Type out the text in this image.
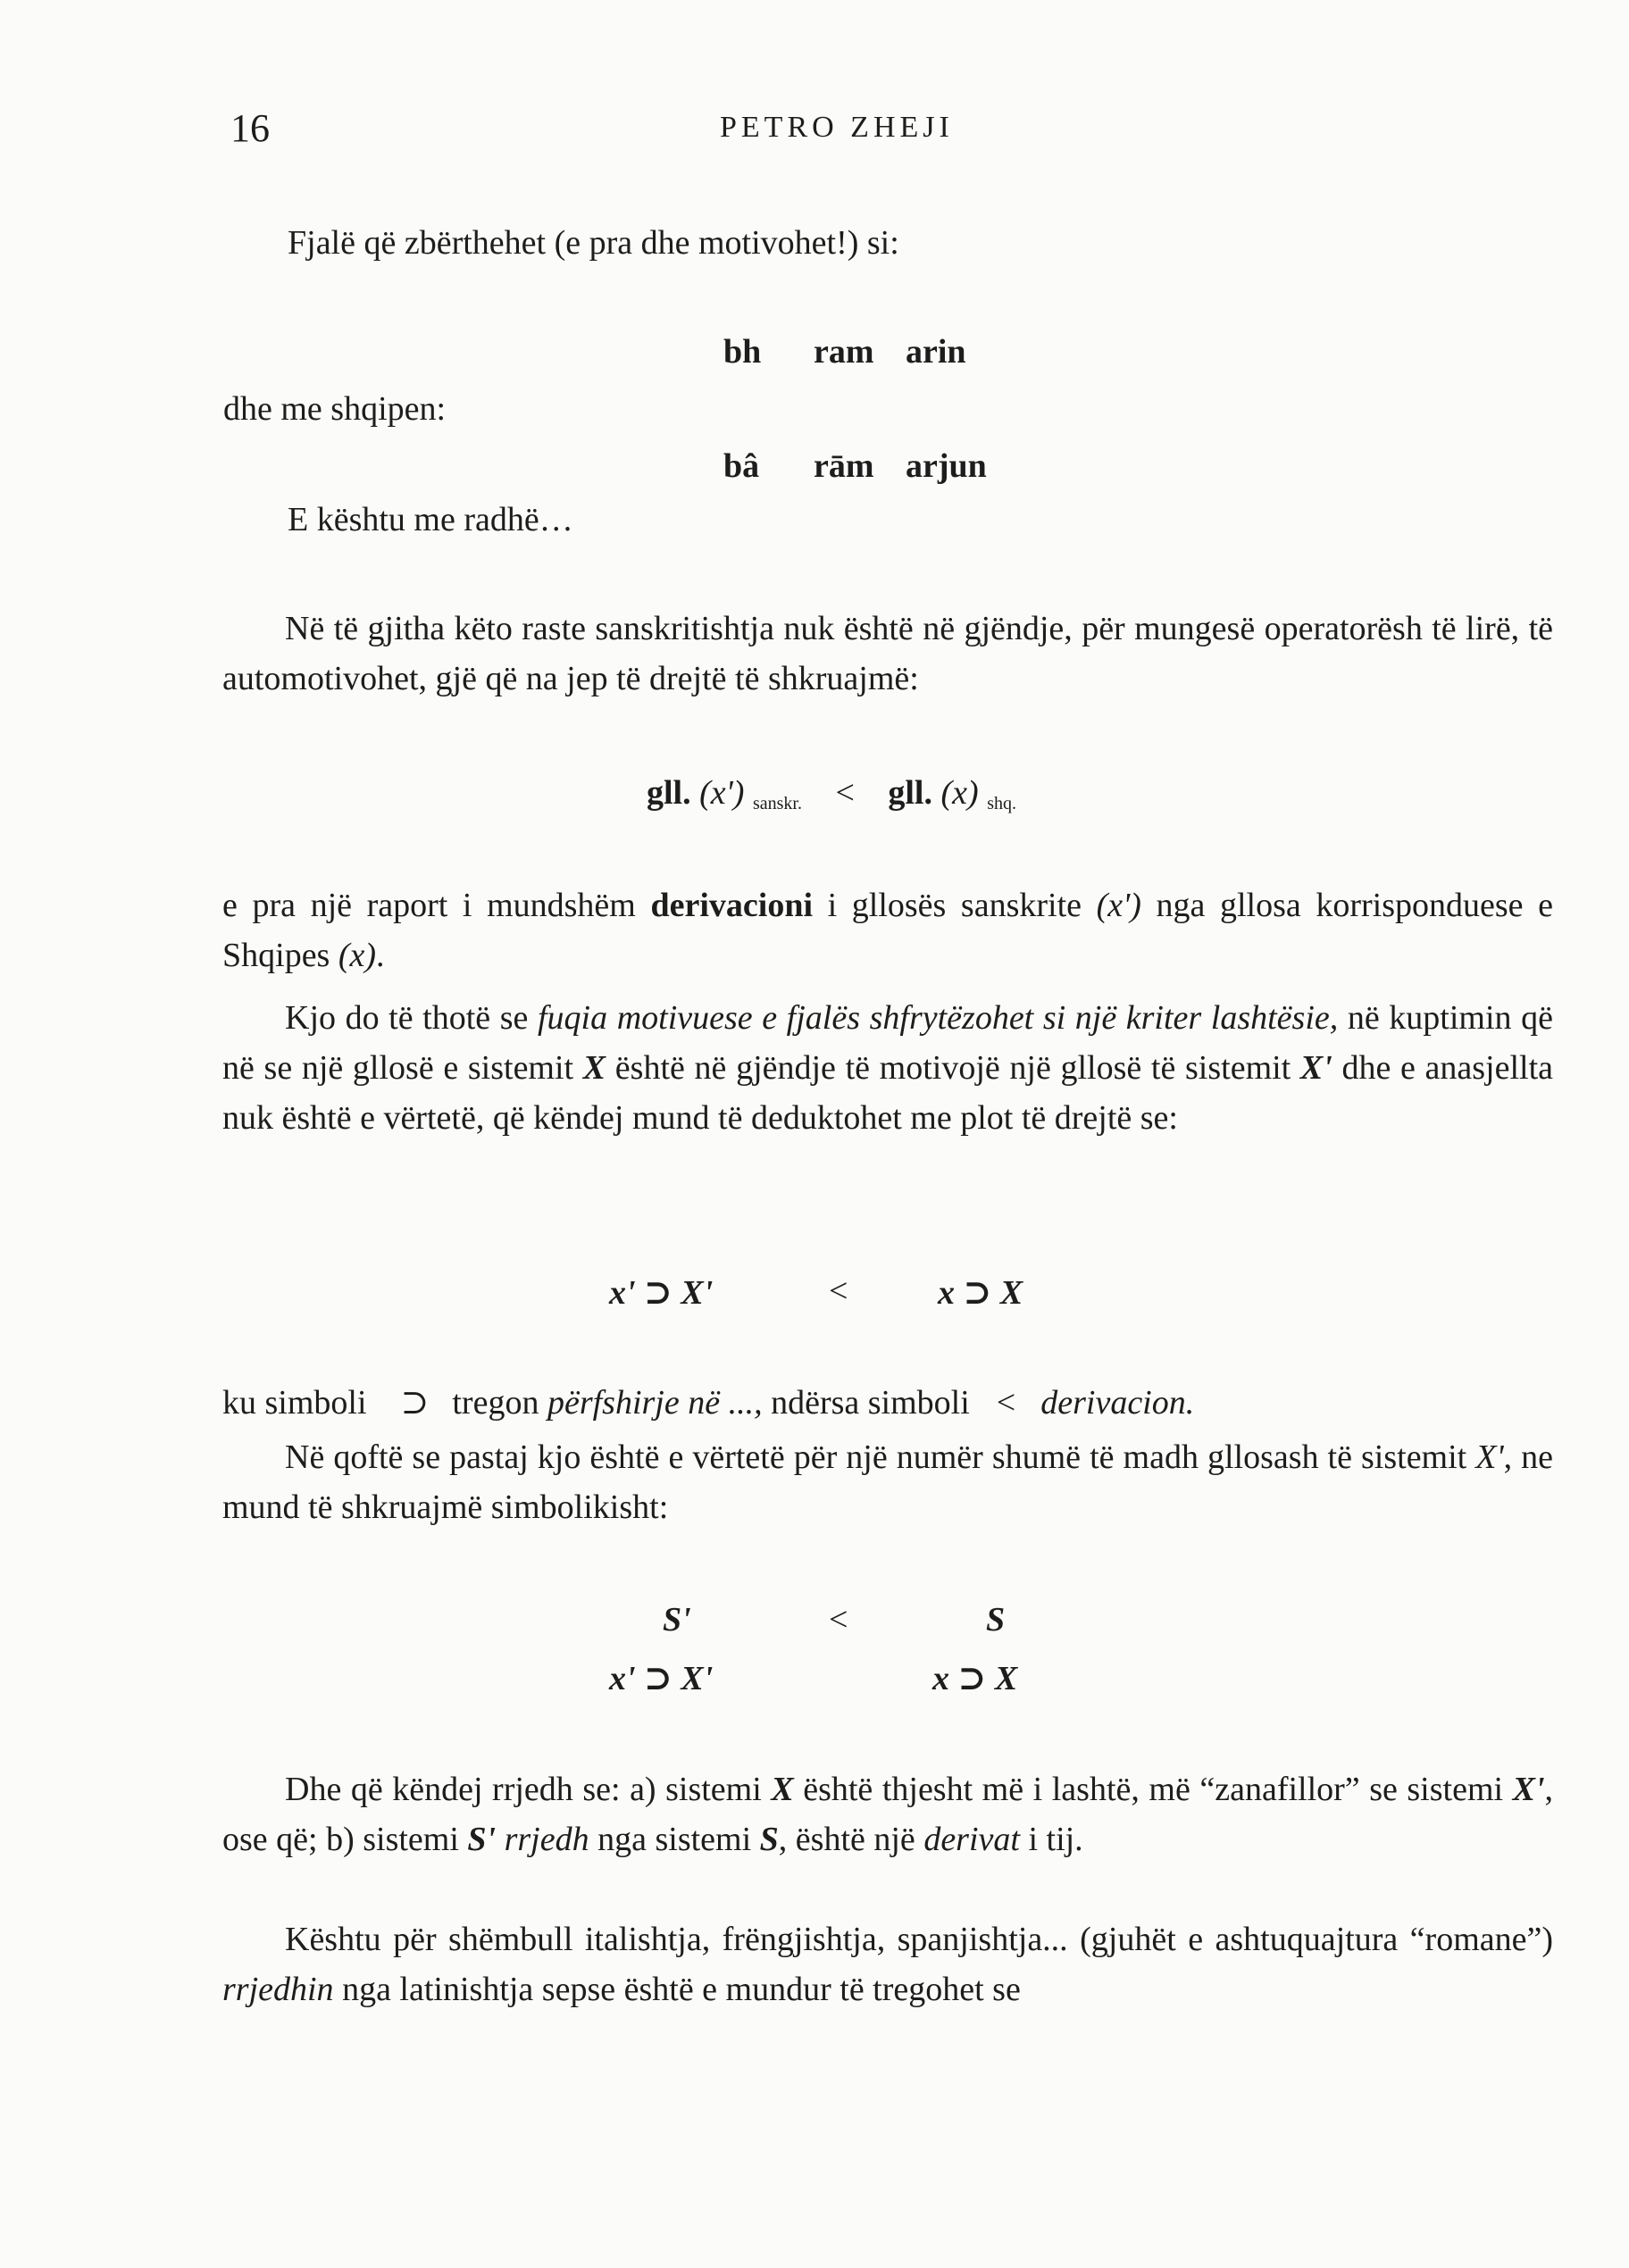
16	PETRO ZHEJI
Fjalë që zbërthehet (e pra dhe motivohet!) si:
bh ram arin
dhe me shqipen:
bâ rām arjun
E kështu me radhë…
Në të gjitha këto raste sanskritishtja nuk është në gjëndje, për mungesë operatorësh të lirë, të automotivohet, gjë që na jep të drejtë të shkruajmë:
gll. (x') $_{sanskr.}$ < gll. (x) $_{shq.}$
e pra një raport i mundshëm derivacioni i gllosës sanskrite (x') nga gllosa korrisponduese e Shqipes (x).
Kjo do të thotë se fuqia motivuese e fjalës shfrytëzohet si një kriter lashtësie, në kuptimin që në se një gllosë e sistemit X është në gjëndje të motivojë një gllosë të sistemit X' dhe e anasjellta nuk është e vërtetë, që këndej mund të deduktohet me plot të drejtë se:
x' ⊃ X'	<	x ⊃ X
ku simboli ⊃ tregon përfshirje në ..., ndërsa simboli < derivacion.
Në qoftë se pastaj kjo është e vërtetë për një numër shumë të madh gllosash të sistemit X', ne mund të shkruajmë simbolikisht:
S'	<	S
x' ⊃ X'	x ⊃ X
Dhe që këndej rrjedh se: a) sistemi X është thjesht më i lashtë, më “zanafillor” se sistemi X', ose që; b) sistemi S' rrjedh nga sistemi S, është një derivat i tij.
Kështu për shëmbull italishtja, frëngjishtja, spanjishtja... (gjuhët e ashtuquajtura “romane”) rrjedhin nga latinishtja sepse është e mundur të tregohet se
